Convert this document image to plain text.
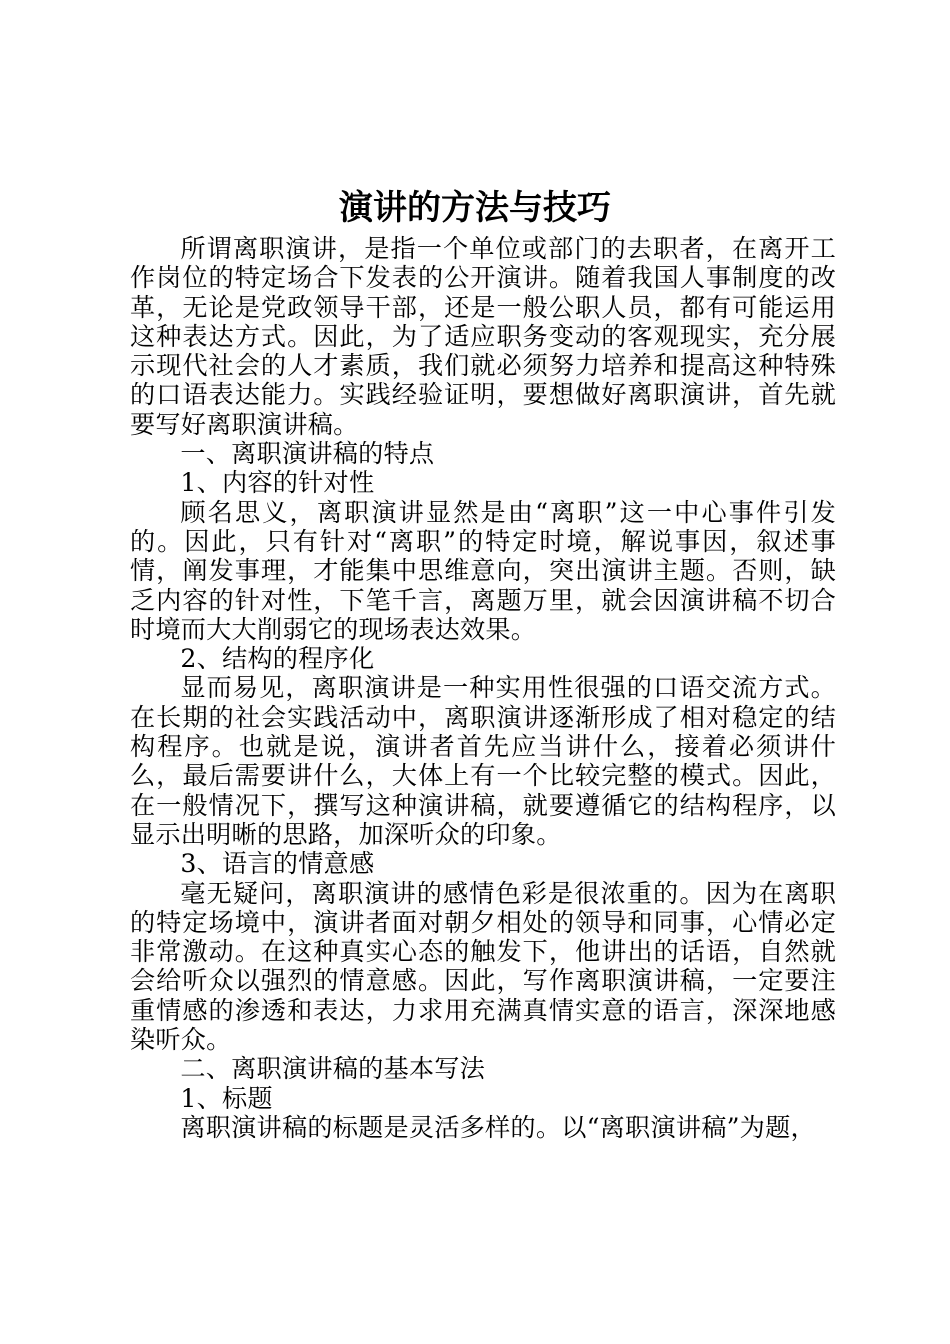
演讲的方法与技巧

所谓离职演讲，是指一个单位或部门的去职者，在离开工作岗位的特定场合下发表的公开演讲。随着我国人事制度的改革，无论是党政领导干部，还是一般公职人员，都有可能运用这种表达方式。因此，为了适应职务变动的客观现实，充分展示现代社会的人才素质，我们就必须努力培养和提高这种特殊的口语表达能力。实践经验证明，要想做好离职演讲，首先就要写好离职演讲稿。

一、离职演讲稿的特点

1、内容的针对性

顾名思义，离职演讲显然是由“离职”这一中心事件引发的。因此，只有针对“离职”的特定时境，解说事因，叙述事情，阐发事理，才能集中思维意向，突出演讲主题。否则，缺乏内容的针对性，下笔千言，离题万里，就会因演讲稿不切合时境而大大削弱它的现场表达效果。

2、结构的程序化

显而易见，离职演讲是一种实用性很强的口语交流方式。在长期的社会实践活动中，离职演讲逐渐形成了相对稳定的结构程序。也就是说，演讲者首先应当讲什么，接着必须讲什么，最后需要讲什么，大体上有一个比较完整的模式。因此，在一般情况下，撰写这种演讲稿，就要遵循它的结构程序，以显示出明晰的思路，加深听众的印象。

3、语言的情意感

毫无疑问，离职演讲的感情色彩是很浓重的。因为在离职的特定场境中，演讲者面对朝夕相处的领导和同事，心情必定非常激动。在这种真实心态的触发下，他讲出的话语，自然就会给听众以强烈的情意感。因此，写作离职演讲稿，一定要注重情感的渗透和表达，力求用充满真情实意的语言，深深地感染听众。

二、离职演讲稿的基本写法

1、标题

离职演讲稿的标题是灵活多样的。以“离职演讲稿”为题，
